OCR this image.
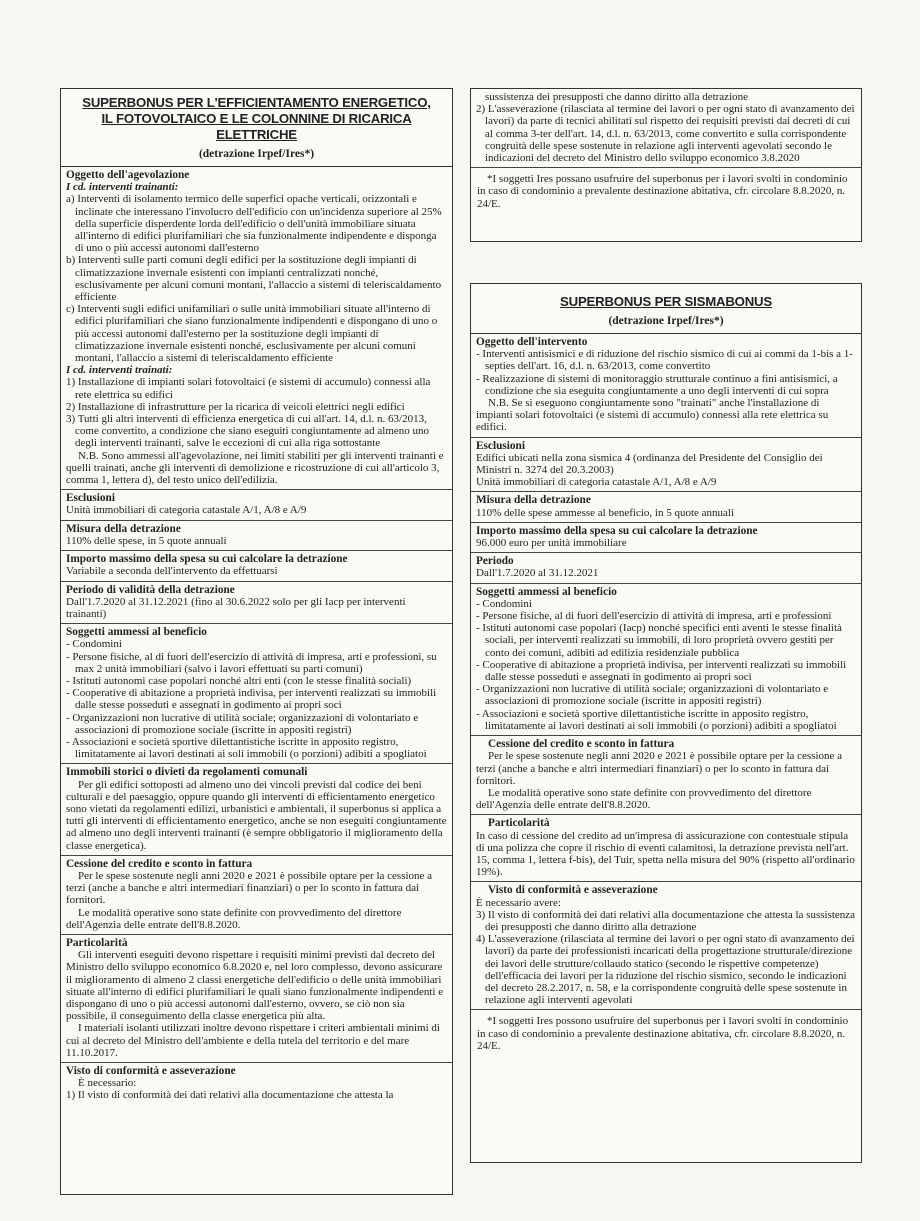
SUPERBONUS PER L'EFFICIENTAMENTO ENERGETICO,
IL FOTOVOLTAICO E LE COLONNINE DI RICARICA ELETTRICHE
(detrazione Irpef/Ires*)
Oggetto dell'agevolazione
I cd. interventi trainanti:

a) Interventi di isolamento termico delle superfici opache verticali, orizzontali e inclinate che interessano l'involucro dell'edificio con un'incidenza superiore al 25% della superficie disperdente lorda dell'edificio o dell'unità immobiliare situata all'interno di edifici plurifamiliari che sia funzionalmente indipendente e disponga di uno o più accessi autonomi dall'esterno

b) Interventi sulle parti comuni degli edifici per la sostituzione degli impianti di climatizzazione invernale esistenti con impianti centralizzati nonché, esclusivamente per alcuni comuni montani, l'allaccio a sistemi di teleriscaldamento efficiente

c) Interventi sugli edifici unifamiliari o sulle unità immobiliari situate all'interno di edifici plurifamiliari che siano funzionalmente indipendenti e dispongano di uno o più accessi autonomi dall'esterno per la sostituzione degli impianti di climatizzazione invernale esistenti nonché, esclusivamente per alcuni comuni montani, l'allaccio a sistemi di teleriscaldamento efficiente

I cd. interventi trainati:

1) Installazione di impianti solari fotovoltaici (e sistemi di accumulo) connessi alla rete elettrica su edifici

2) Installazione di infrastrutture per la ricarica di veicoli elettrici negli edifici

3) Tutti gli altri interventi di efficienza energetica di cui all'art. 14, d.l. n. 63/2013, come convertito, a condizione che siano eseguiti congiuntamente ad almeno uno degli interventi trainanti, salve le eccezioni di cui alla riga sottostante

N.B. Sono ammessi all'agevolazione, nei limiti stabiliti per gli interventi trainanti e quelli trainati, anche gli interventi di demolizione e ricostruzione di cui all'articolo 3, comma 1, lettera d), del testo unico dell'edilizia.

Esclusioni

Unità immobiliari di categoria catastale A/1, A/8 e A/9

Misura della detrazione

110% delle spese, in 5 quote annuali

Importo massimo della spesa su cui calcolare la detrazione

Variabile a seconda dell'intervento da effettuarsi

Periodo di validità della detrazione

Dall'1.7.2020 al 31.12.2021 (fino al 30.6.2022 solo per gli Iacp per interventi trainanti)

Soggetti ammessi al beneficio

- Condomini

- Persone fisiche, al di fuori dell'esercizio di attività di impresa, arti e professioni, su max 2 unità immobiliari (salvo i lavori effettuati su parti comuni)

- Istituti autonomi case popolari nonché altri enti (con le stesse finalità sociali)

- Cooperative di abitazione a proprietà indivisa, per interventi realizzati su immobili dalle stesse posseduti e assegnati in godimento ai propri soci

- Organizzazioni non lucrative di utilità sociale; organizzazioni di volontariato e associazioni di promozione sociale (iscritte in appositi registri)

- Associazioni e società sportive dilettantistiche iscritte in apposito registro, limitatamente ai lavori destinati ai soli immobili (o porzioni) adibiti a spogliatoi

Immobili storici o divieti da regolamenti comunali

Per gli edifici sottoposti ad almeno uno dei vincoli previsti dal codice dei beni culturali e del paesaggio, oppure quando gli interventi di efficientamento energetico sono vietati da regolamenti edilizi, urbanistici e ambientali, il superbonus si applica a tutti gli interventi di efficientamento energetico, anche se non eseguiti congiuntamente ad almeno uno degli interventi trainanti (è sempre obbligatorio il miglioramento della classe energetica).

Cessione del credito e sconto in fattura

Per le spese sostenute negli anni 2020 e 2021 è possibile optare per la cessione a terzi (anche a banche e altri intermediari finanziari) o per lo sconto in fattura dai fornitori.

Le modalità operative sono state definite con provvedimento del direttore dell'Agenzia delle entrate dell'8.8.2020.

Particolarità

Gli interventi eseguiti devono rispettare i requisiti minimi previsti dal decreto del Ministro dello sviluppo economico 6.8.2020 e, nel loro complesso, devono assicurare il miglioramento di almeno 2 classi energetiche dell'edificio o delle unità immobiliari situate all'interno di edifici plurifamiliari le quali siano funzionalmente indipendenti e dispongano di uno o più accessi autonomi dall'esterno, ovvero, se ciò non sia possibile, il conseguimento della classe energetica più alta.

I materiali isolanti utilizzati inoltre devono rispettare i criteri ambientali minimi di cui al decreto del Ministro dell'ambiente e della tutela del territorio e del mare 11.10.2017.

Visto di conformità e asseverazione

È necessario:

1) Il visto di conformità dei dati relativi alla documentazione che attesta la

sussistenza dei presupposti che danno diritto alla detrazione

2) L'asseverazione (rilasciata al termine dei lavori o per ogni stato di avanzamento dei lavori) da parte di tecnici abilitati sul rispetto dei requisiti previsti dai decreti di cui al comma 3-ter dell'art. 14, d.l. n. 63/2013, come convertito e sulla corrispondente congruità delle spese sostenute in relazione agli interventi agevolati secondo le indicazioni del decreto del Ministro dello sviluppo economico 3.8.2020

*I soggetti Ires possano usufruire del superbonus per i lavori svolti in condominio in caso di condominio a prevalente destinazione abitativa, cfr. circolare 8.8.2020, n. 24/E.

SUPERBONUS PER SISMABONUS
(detrazione Irpef/Ires*)
Oggetto dell'intervento

- Interventi antisismici e di riduzione del rischio sismico di cui ai commi da 1-bis a 1-septies dell'art. 16, d.l. n. 63/2013, come convertito

- Realizzazione di sistemi di monitoraggio strutturale continuo a fini antisismici, a condizione che sia eseguita congiuntamente a uno degli interventi di cui sopra

N.B. Se si eseguono congiuntamente sono "trainati" anche l'installazione di impianti solari fotovoltaici (e sistemi di accumulo) connessi alla rete elettrica su edifici.

Esclusioni

Edifici ubicati nella zona sismica 4 (ordinanza del Presidente del Consiglio dei Ministri n. 3274 del 20.3.2003)

Unità immobiliari di categoria catastale A/1, A/8 e A/9

Misura della detrazione

110% delle spese ammesse al beneficio, in 5 quote annuali

Importo massimo della spesa su cui calcolare la detrazione

96.000 euro per unità immobiliare

Periodo

Dall'1.7.2020 al 31.12.2021

Soggetti ammessi al beneficio

- Condomini

- Persone fisiche, al di fuori dell'esercizio di attività di impresa, arti e professioni

- Istituti autonomi case popolari (Iacp) nonché specifici enti aventi le stesse finalità sociali, per interventi realizzati su immobili, di loro proprietà ovvero gestiti per conto dei comuni, adibiti ad edilizia residenziale pubblica

- Cooperative di abitazione a proprietà indivisa, per interventi realizzati su immobili dalle stesse posseduti e assegnati in godimento ai propri soci

- Organizzazioni non lucrative di utilità sociale; organizzazioni di volontariato e associazioni di promozione sociale (iscritte in appositi registri)

- Associazioni e società sportive dilettantistiche iscritte in apposito registro, limitatamente ai lavori destinati ai soli immobili (o porzioni) adibiti a spogliatoi

Cessione del credito e sconto in fattura

Per le spese sostenute negli anni 2020 e 2021 è possibile optare per la cessione a terzi (anche a banche e altri intermediari finanziari) o per lo sconto in fattura dai fornitori.

Le modalità operative sono state definite con provvedimento del direttore dell'Agenzia delle entrate dell'8.8.2020.

Particolarità

In caso di cessione del credito ad un'impresa di assicurazione con contestuale stipula di una polizza che copre il rischio di eventi calamitosi, la detrazione prevista nell'art. 15, comma 1, lettera f-bis), del Tuir, spetta nella misura del 90% (rispetto all'ordinario 19%).

Visto di conformità e asseverazione

È necessario avere:

3) Il visto di conformità dei dati relativi alla documentazione che attesta la sussistenza dei presupposti che danno diritto alla detrazione

4) L'asseverazione (rilasciata al termine dei lavori o per ogni stato di avanzamento dei lavori) da parte dei professionisti incaricati della progettazione strutturale/direzione dei lavori delle strutture/collaudo statico (secondo le rispettive competenze) dell'efficacia dei lavori per la riduzione del rischio sismico, secondo le indicazioni del decreto 28.2.2017, n. 58, e la corrispondente congruità delle spese sostenute in relazione agli interventi agevolati

*I soggetti Ires possono usufruire del superbonus per i lavori svolti in condominio in caso di condominio a prevalente destinazione abitativa, cfr. circolare 8.8.2020, n. 24/E.
